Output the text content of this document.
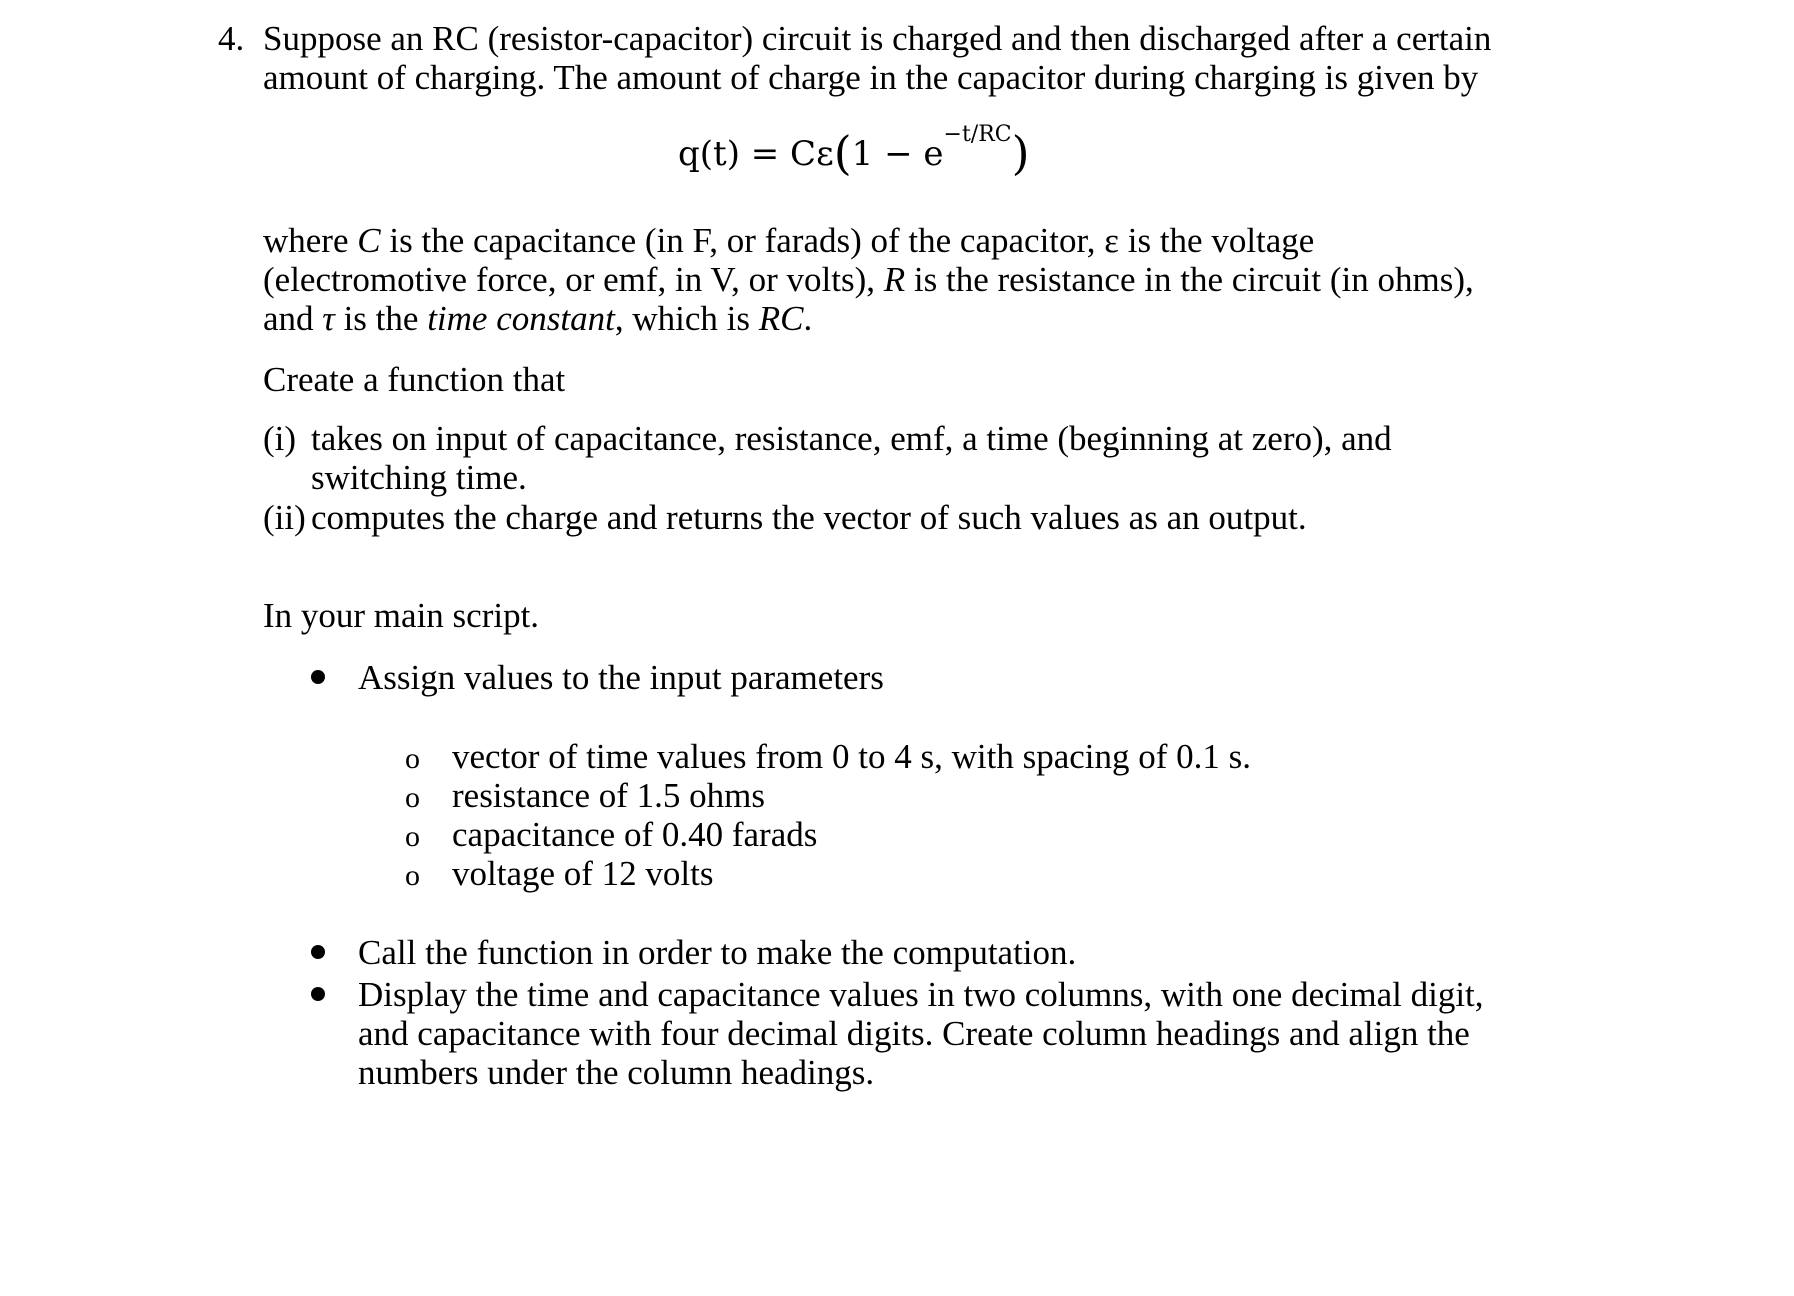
4. Suppose an RC (resistor-capacitor) circuit is charged and then discharged after a certain
amount of charging. The amount of charge in the capacitor during charging is given by
$q(t) = C\varepsilon(1 - e^{-t/RC})$
where C is the capacitance (in F, or farads) of the capacitor, ε is the voltage
(electromotive force, or emf, in V, or volts), R is the resistance in the circuit (in ohms),
and τ is the time constant, which is RC.
Create a function that
(i) takes on input of capacitance, resistance, emf, a time (beginning at zero), and
switching time.
(ii) computes the charge and returns the vector of such values as an output.
In your main script.
Assign values to the input parameters
o vector of time values from 0 to 4 s, with spacing of 0.1 s.
o resistance of 1.5 ohms
o capacitance of 0.40 farads
o voltage of 12 volts
Call the function in order to make the computation.
Display the time and capacitance values in two columns, with one decimal digit,
and capacitance with four decimal digits. Create column headings and align the
numbers under the column headings.
